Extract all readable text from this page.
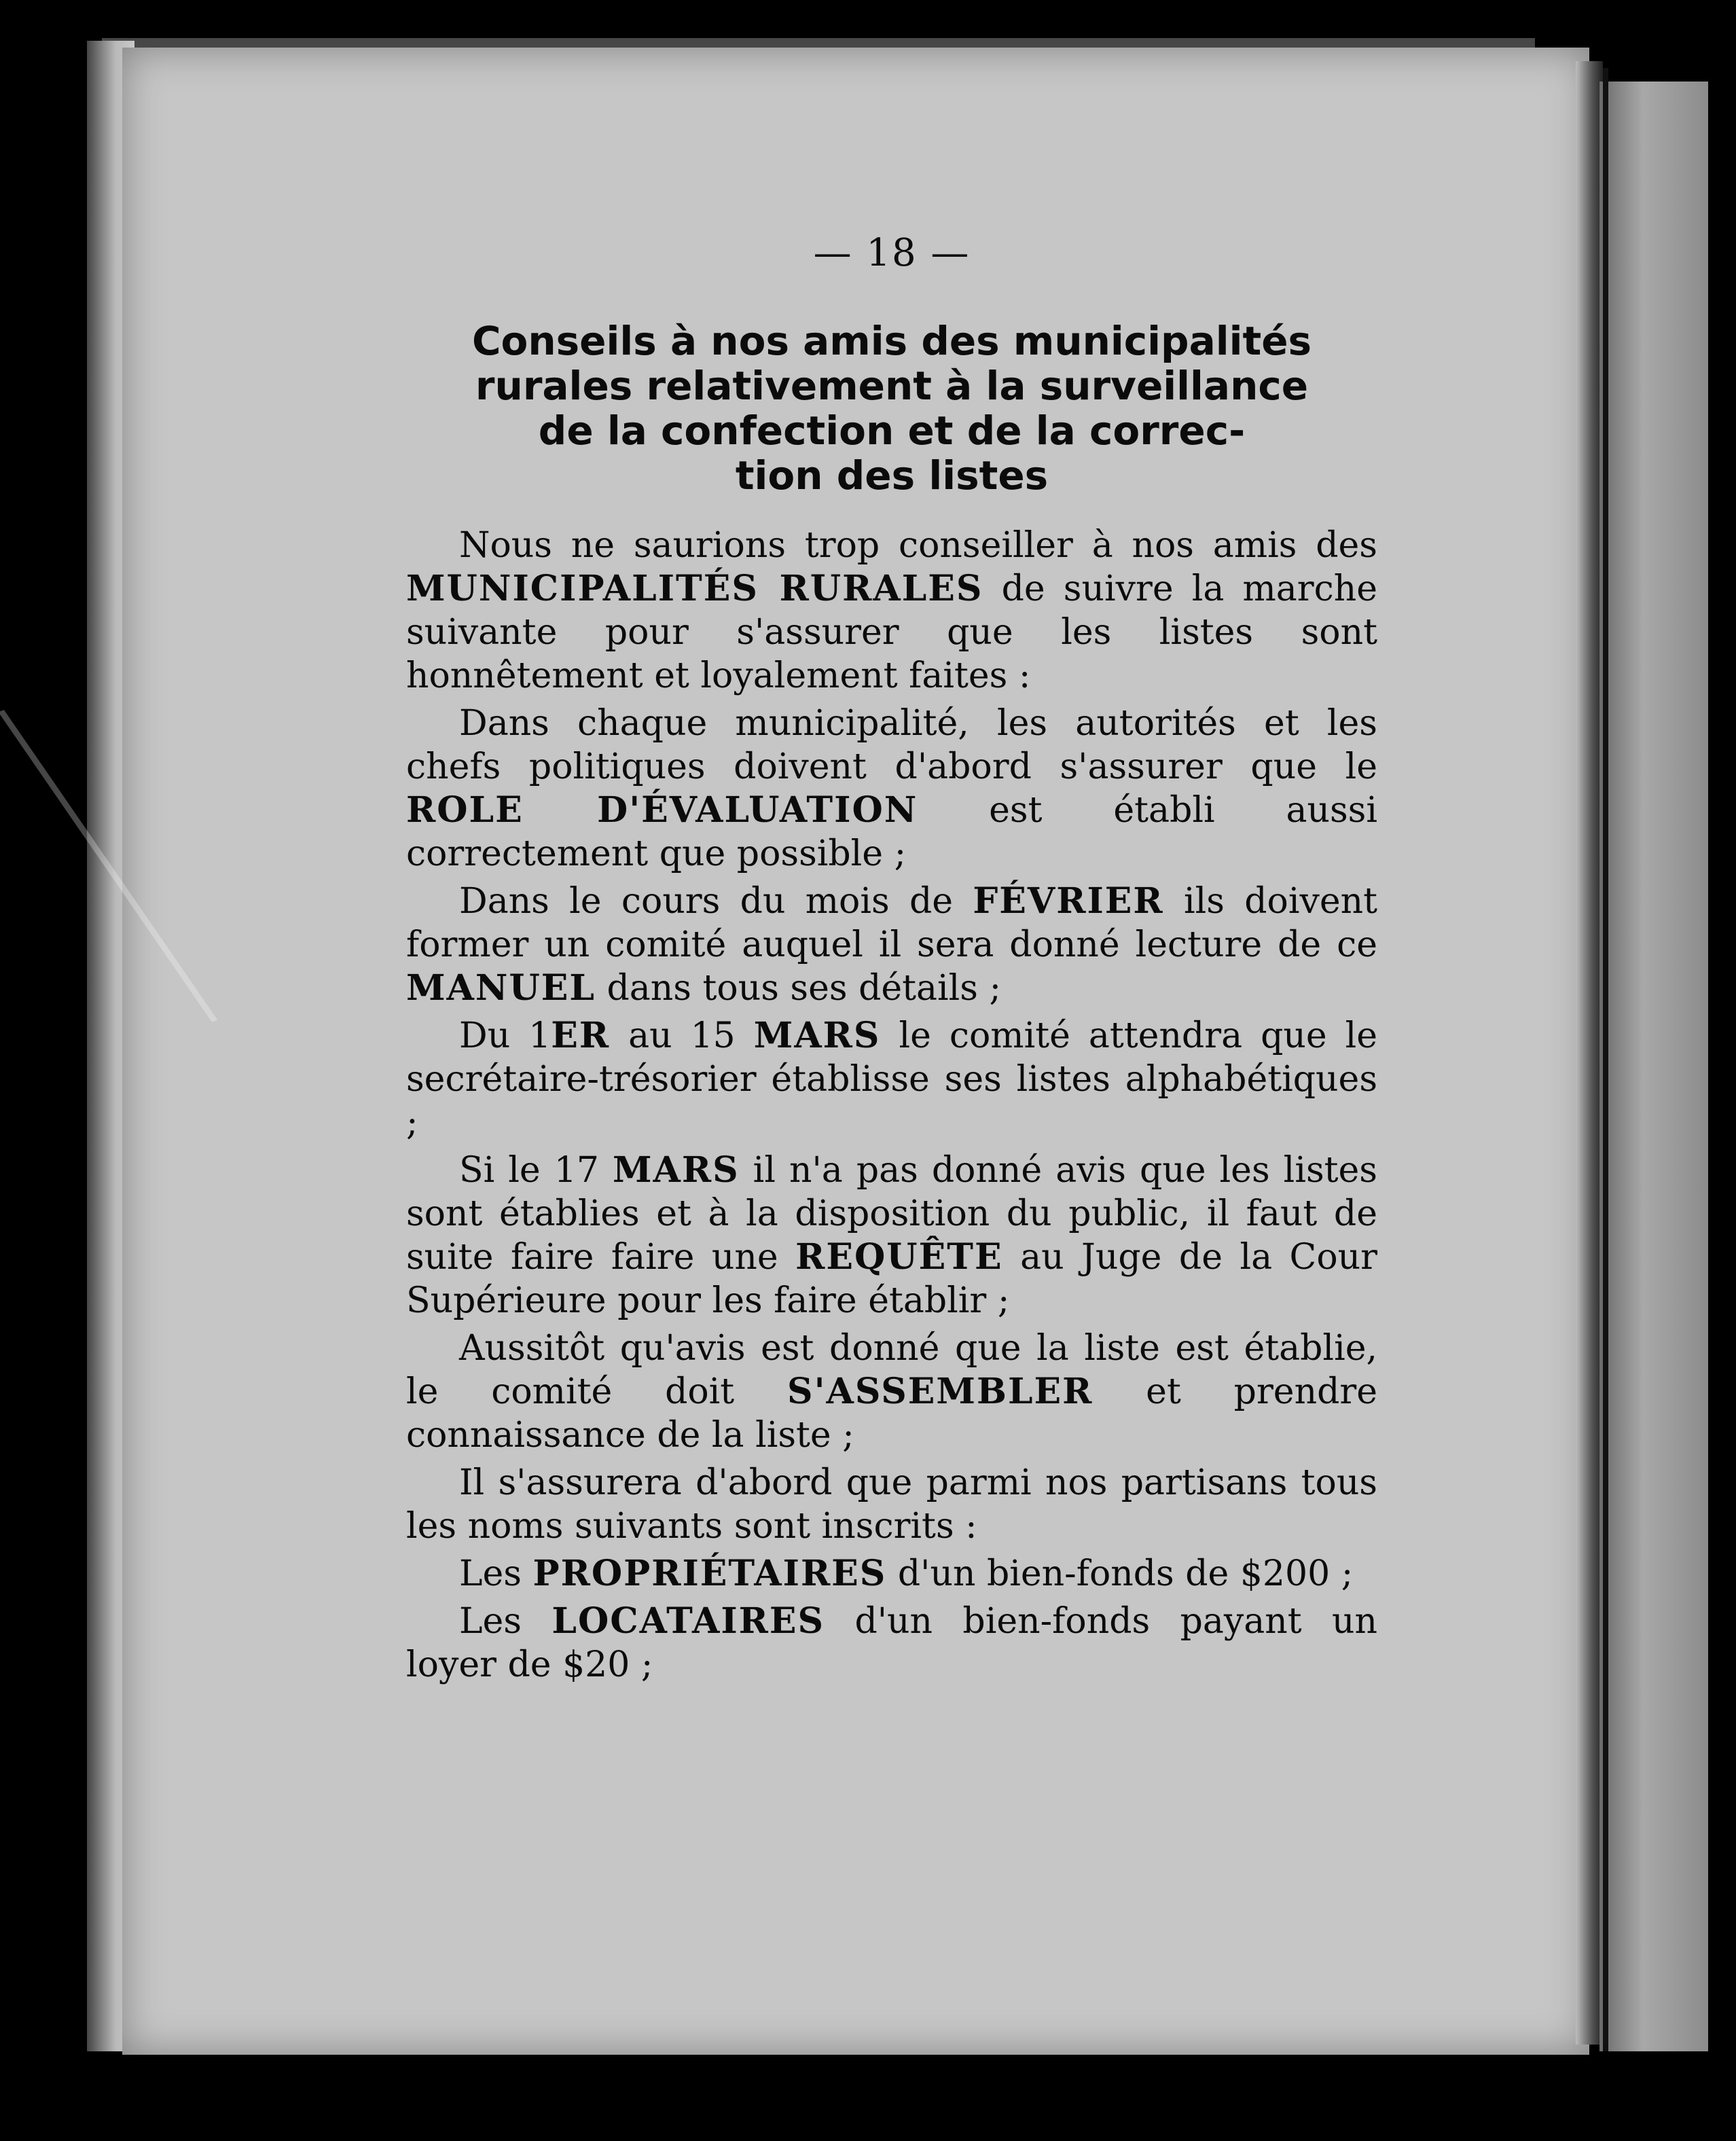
— 18 —
Conseils à nos amis des municipalités
rurales relativement à la surveillance
de la confection et de la correc-
tion des listes

Nous ne saurions trop conseiller à nos amis des MUNICIPALITÉS RURALES de suivre la marche suivante pour s'assurer que les listes sont honnêtement et loyalement faites :

Dans chaque municipalité, les autorités et les chefs politiques doivent d'abord s'assurer que le ROLE D'ÉVALUATION est établi aussi correctement que possible ;

Dans le cours du mois de FÉVRIER ils doivent former un comité auquel il sera donné lecture de ce MANUEL dans tous ses détails ;

Du 1ER au 15 MARS le comité attendra que le secrétaire-trésorier établisse ses listes alphabétiques ;

Si le 17 MARS il n'a pas donné avis que les listes sont établies et à la disposition du public, il faut de suite faire faire une REQUÊTE au Juge de la Cour Supérieure pour les faire établir ;

Aussitôt qu'avis est donné que la liste est établie, le comité doit S'ASSEMBLER et prendre connaissance de la liste ;

Il s'assurera d'abord que parmi nos partisans tous les noms suivants sont inscrits :

Les PROPRIÉTAIRES d'un bien-fonds de $200 ;

Les LOCATAIRES d'un bien-fonds payant un loyer de $20 ;
